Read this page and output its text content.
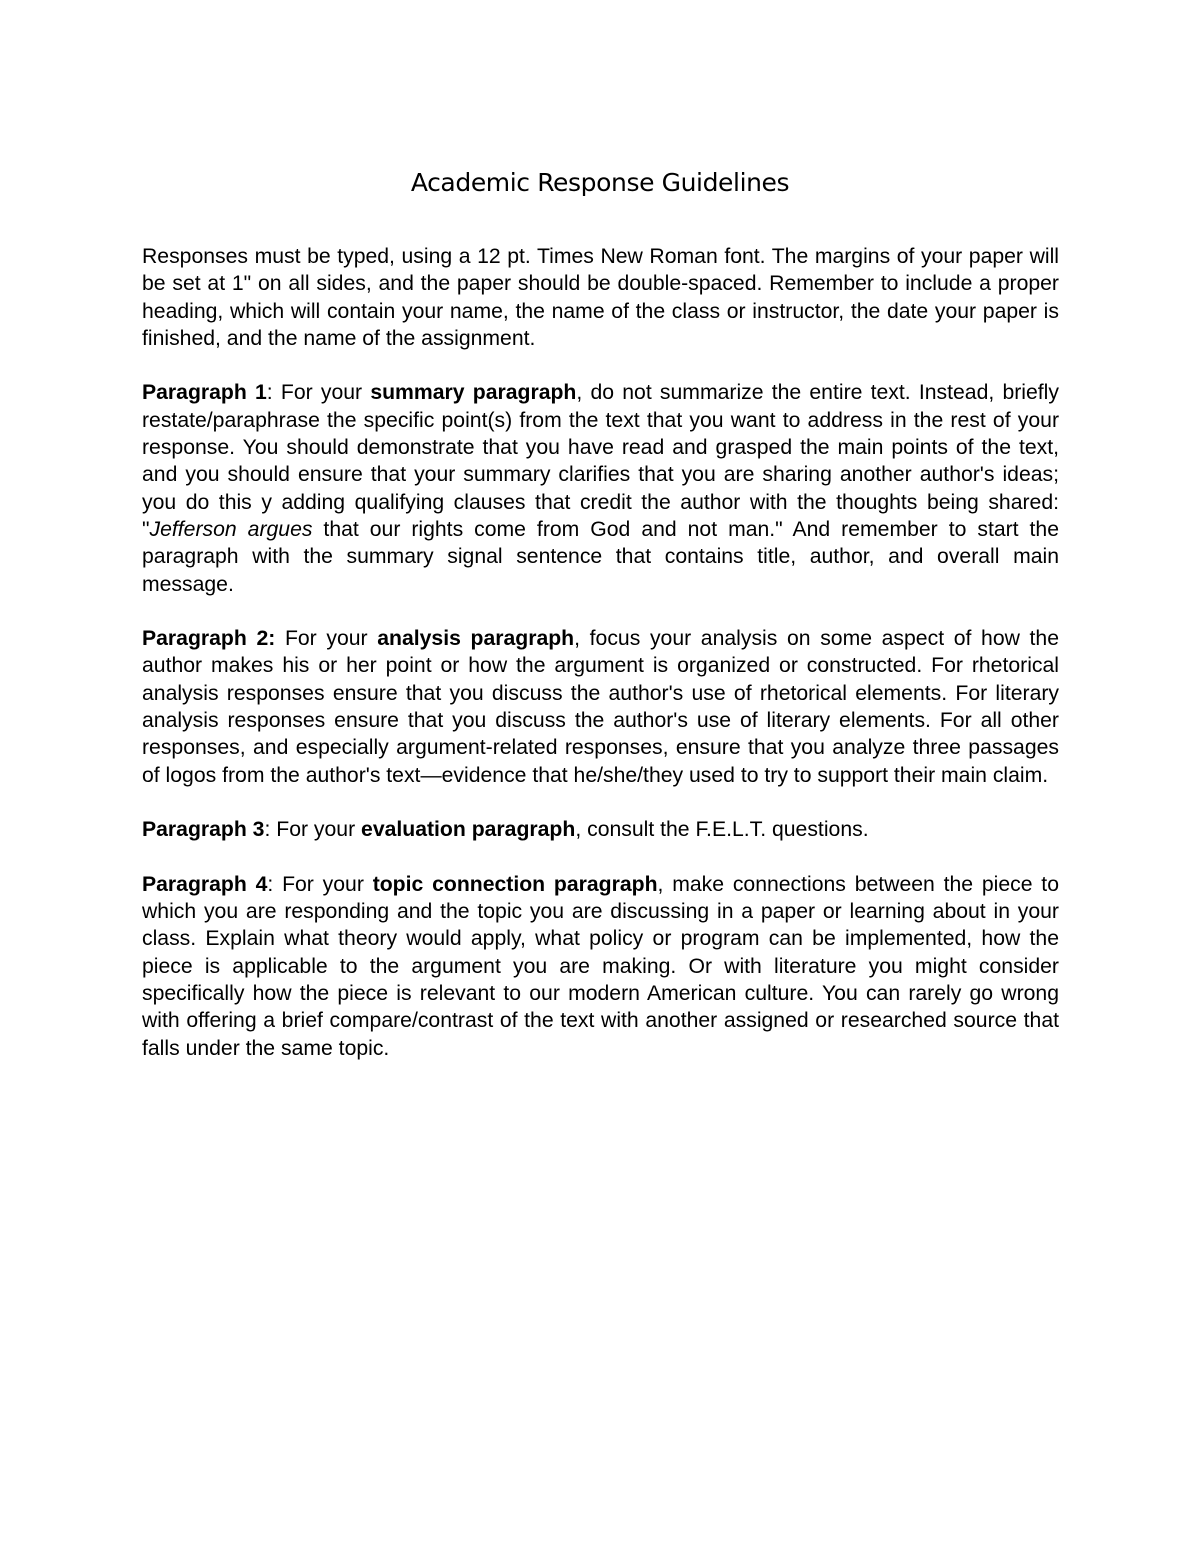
Academic Response Guidelines

Responses must be typed, using a 12 pt. Times New Roman font. The margins of your paper will be set at 1" on all sides, and the paper should be double-spaced. Remember to include a proper heading, which will contain your name, the name of the class or instructor, the date your paper is finished, and the name of the assignment.

Paragraph 1: For your summary paragraph, do not summarize the entire text. Instead, briefly restate/paraphrase the specific point(s) from the text that you want to address in the rest of your response. You should demonstrate that you have read and grasped the main points of the text, and you should ensure that your summary clarifies that you are sharing another author's ideas; you do this y adding qualifying clauses that credit the author with the thoughts being shared: "Jefferson argues that our rights come from God and not man." And remember to start the paragraph with the summary signal sentence that contains title, author, and overall main message.

Paragraph 2: For your analysis paragraph, focus your analysis on some aspect of how the author makes his or her point or how the argument is organized or constructed. For rhetorical analysis responses ensure that you discuss the author's use of rhetorical elements. For literary analysis responses ensure that you discuss the author's use of literary elements. For all other responses, and especially argument-related responses, ensure that you analyze three passages of logos from the author's text—evidence that he/she/they used to try to support their main claim.

Paragraph 3: For your evaluation paragraph, consult the F.E.L.T. questions.

Paragraph 4: For your topic connection paragraph, make connections between the piece to which you are responding and the topic you are discussing in a paper or learning about in your class. Explain what theory would apply, what policy or program can be implemented, how the piece is applicable to the argument you are making. Or with literature you might consider specifically how the piece is relevant to our modern American culture. You can rarely go wrong with offering a brief compare/contrast of the text with another assigned or researched source that falls under the same topic.
